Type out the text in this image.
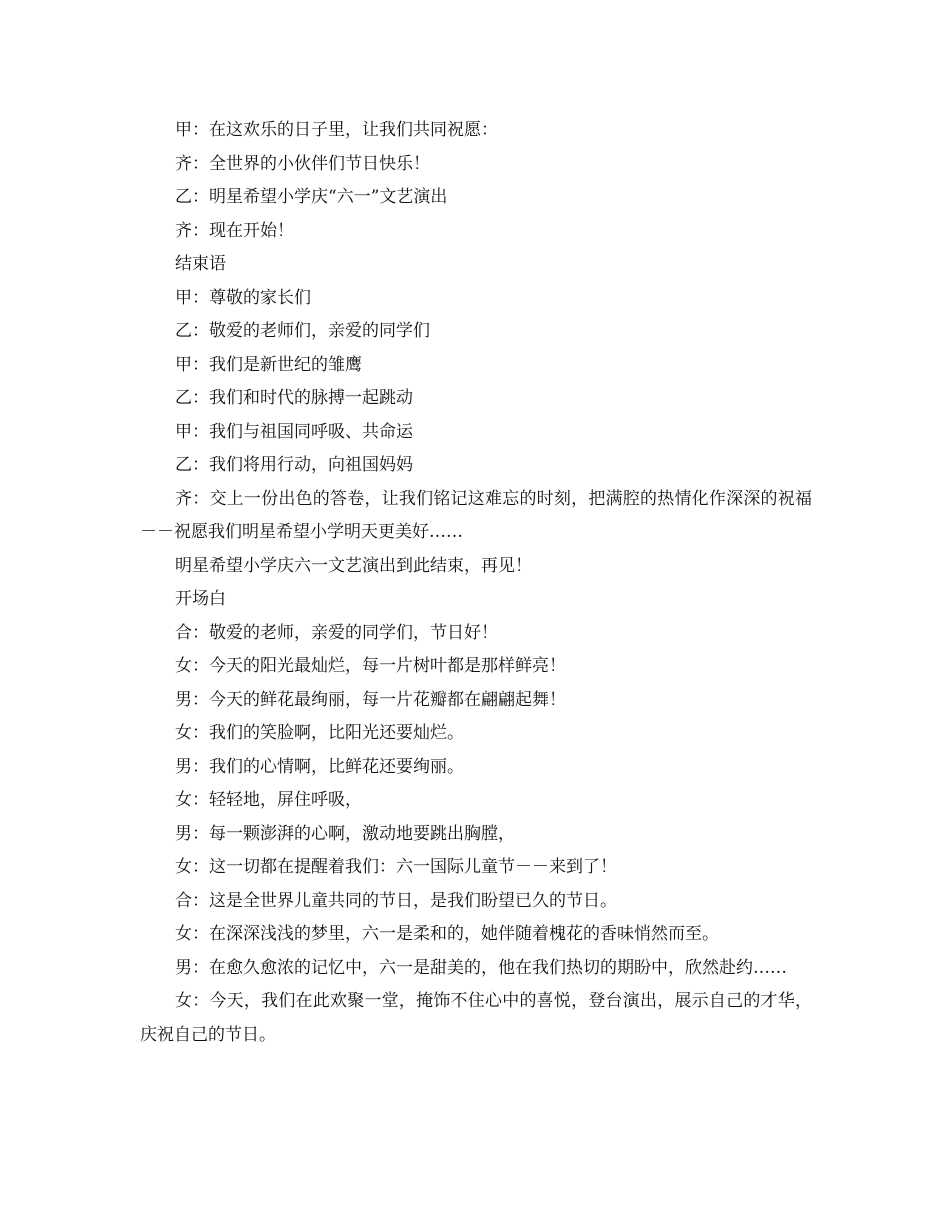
甲：在这欢乐的日子里，让我们共同祝愿：

齐：全世界的小伙伴们节日快乐！

乙：明星希望小学庆“六一”文艺演出

齐：现在开始！

结束语

甲：尊敬的家长们

乙：敬爱的老师们，亲爱的同学们

甲：我们是新世纪的雏鹰

乙：我们和时代的脉搏一起跳动

甲：我们与祖国同呼吸、共命运

乙：我们将用行动，向祖国妈妈

齐：交上一份出色的答卷，让我们铭记这难忘的时刻，把满腔的热情化作深深的祝福－－祝愿我们明星希望小学明天更美好……

明星希望小学庆六一文艺演出到此结束，再见！

开场白

合：敬爱的老师，亲爱的同学们，节日好！

女：今天的阳光最灿烂，每一片树叶都是那样鲜亮！

男：今天的鲜花最绚丽，每一片花瓣都在翩翩起舞！

女：我们的笑脸啊，比阳光还要灿烂。

男：我们的心情啊，比鲜花还要绚丽。

女：轻轻地，屏住呼吸，

男：每一颗澎湃的心啊，激动地要跳出胸膛，

女：这一切都在提醒着我们：六一国际儿童节－－来到了！

合：这是全世界儿童共同的节日，是我们盼望已久的节日。

女：在深深浅浅的梦里，六一是柔和的，她伴随着槐花的香味悄然而至。

男：在愈久愈浓的记忆中，六一是甜美的，他在我们热切的期盼中，欣然赴约……

女：今天，我们在此欢聚一堂，掩饰不住心中的喜悦，登台演出，展示自己的才华，庆祝自己的节日。
